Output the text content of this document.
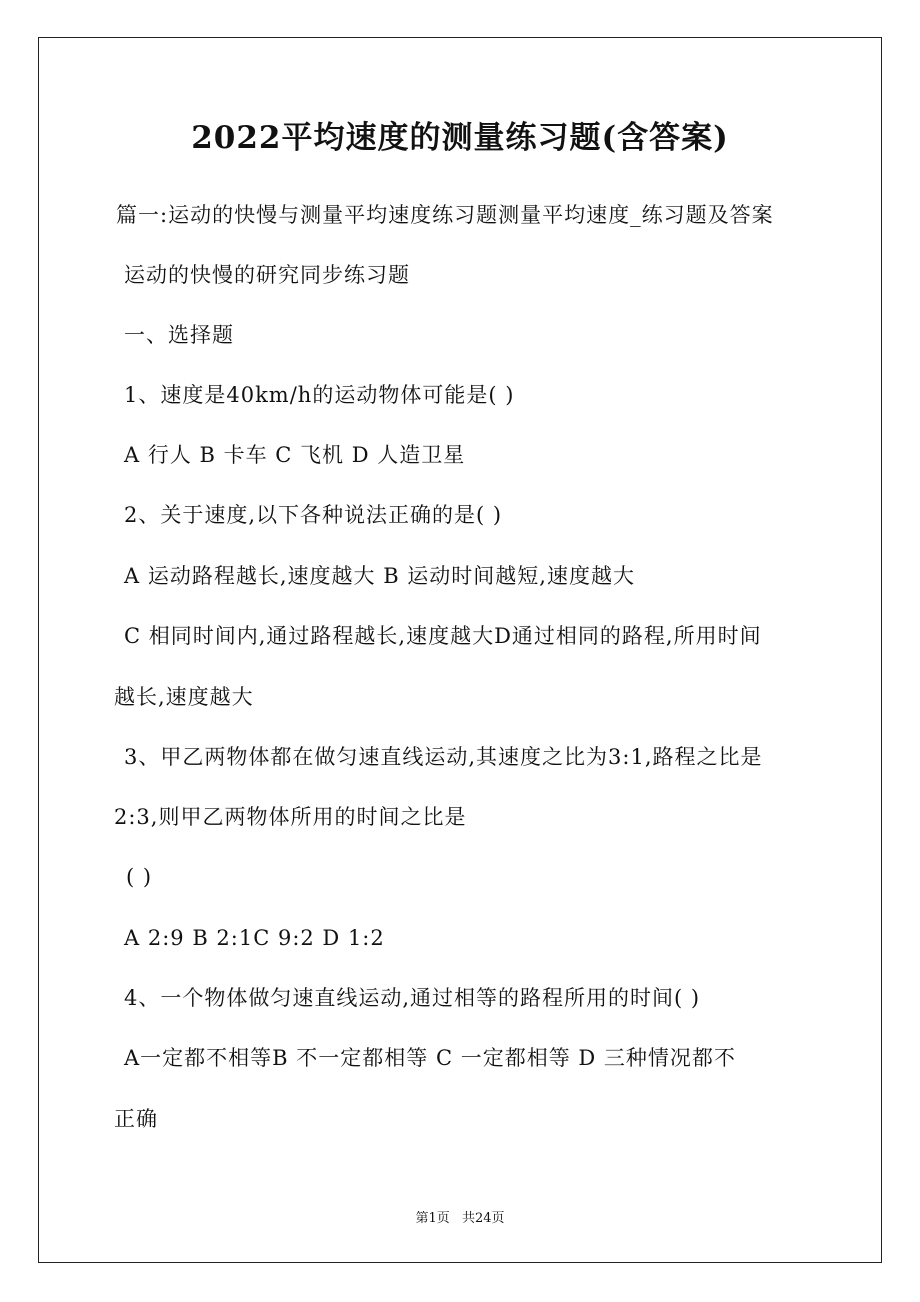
2022平均速度的测量练习题(含答案)
篇一:运动的快慢与测量平均速度练习题测量平均速度_练习题及答案
运动的快慢的研究同步练习题
一、选择题
1、速度是40km/h的运动物体可能是( )
A 行人 B 卡车 C 飞机 D 人造卫星
2、关于速度,以下各种说法正确的是( )
A 运动路程越长,速度越大 B 运动时间越短,速度越大
C 相同时间内,通过路程越长,速度越大D通过相同的路程,所用时间
越长,速度越大
3、甲乙两物体都在做匀速直线运动,其速度之比为3:1,路程之比是
2:3,则甲乙两物体所用的时间之比是
( )
A 2:9 B 2:1C 9:2 D 1:2
4、一个物体做匀速直线运动,通过相等的路程所用的时间( )
A一定都不相等B 不一定都相等 C 一定都相等 D 三种情况都不
正确
第1页 共24页
